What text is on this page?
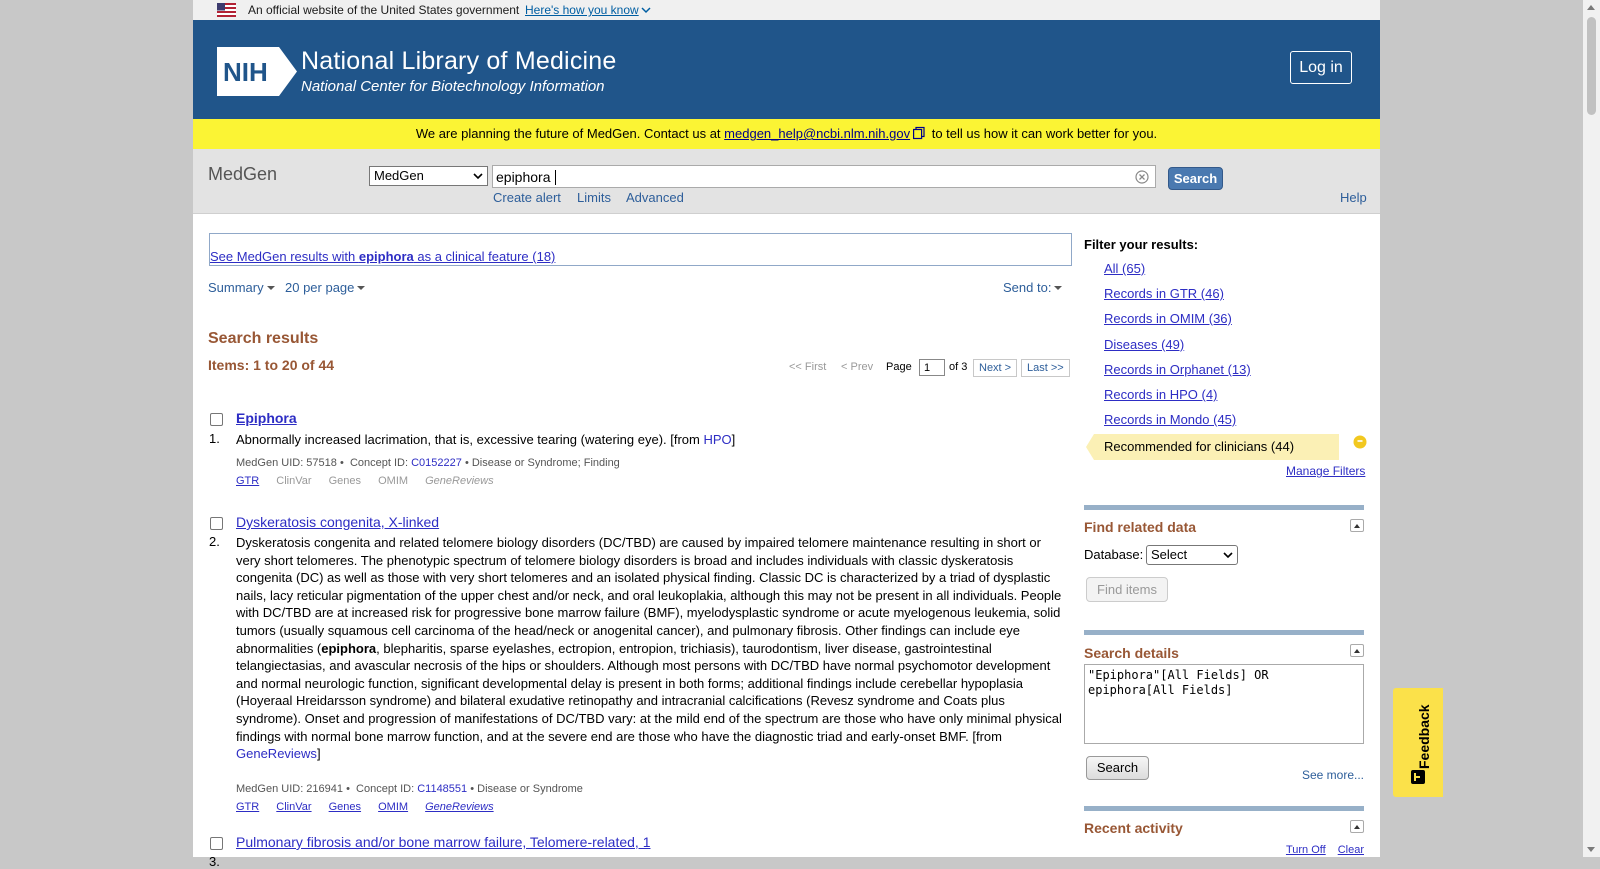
An official website of the United States government Here's how you know
NIH National Library of Medicine
National Center for Biotechnology Information
Log in
We are planning the future of MedGen. Contact us at medgen_help@ncbi.nlm.nih.gov to tell us how it can work better for you.
MedGen	MedGen	epiphora	Search
Create alert Limits Advanced	Help
See MedGen results with epiphora as a clinical feature (18)
Summary	20 per page	Send to:
Search results
Items: 1 to 20 of 44	<< First < Prev Page
1	of 3	Next >	Last >>
1.
Epiphora
Abnormally increased lacrimation, that is, excessive tearing (watering eye). [from HPO]
MedGen UID: 57518 • Concept ID: C0152227 • Disease or Syndrome; Finding
GTR ClinVar Genes OMIM GeneReviews
2.
Dyskeratosis congenita, X-linked
Dyskeratosis congenita and related telomere biology disorders (DC/TBD) are caused by impaired telomere maintenance resulting in short or very short telomeres. The phenotypic spectrum of telomere biology disorders is broad and includes individuals with classic dyskeratosis congenita (DC) as well as those with very short telomeres and an isolated physical finding. Classic DC is characterized by a triad of dysplastic nails, lacy reticular pigmentation of the upper chest and/or neck, and oral leukoplakia, although this may not be present in all individuals. People with DC/TBD are at increased risk for progressive bone marrow failure (BMF), myelodysplastic syndrome or acute myelogenous leukemia, solid tumors (usually squamous cell carcinoma of the head/neck or anogenital cancer), and pulmonary fibrosis. Other findings can include eye abnormalities (epiphora, blepharitis, sparse eyelashes, ectropion, entropion, trichiasis), taurodontism, liver disease, gastrointestinal telangiectasias, and avascular necrosis of the hips or shoulders. Although most persons with DC/TBD have normal psychomotor development and normal neurologic function, significant developmental delay is present in both forms; additional findings include cerebellar hypoplasia (Hoyeraal Hreidarsson syndrome) and bilateral exudative retinopathy and intracranial calcifications (Revesz syndrome and Coats plus syndrome). Onset and progression of manifestations of DC/TBD vary: at the mild end of the spectrum are those who have only minimal physical findings with normal bone marrow function, and at the severe end are those who have the diagnostic triad and early-onset BMF. [from GeneReviews]
MedGen UID: 216941 • Concept ID: C1148551 • Disease or Syndrome
GTR ClinVar Genes OMIM GeneReviews
3.
Pulmonary fibrosis and/or bone marrow failure, Telomere-related, 1
Filter your results:
All (65)
Records in GTR (46)
Records in OMIM (36)
Diseases (49)
Records in Orphanet (13)
Records in HPO (4)
Records in Mondo (45)
Recommended for clinicians (44)
Manage Filters
Find related data
Database: Select
Find items
Search details
"Epiphora"[All Fields] OR epiphora[All Fields]
Search	See more...
Recent activity
Turn Off Clear
Feedback
